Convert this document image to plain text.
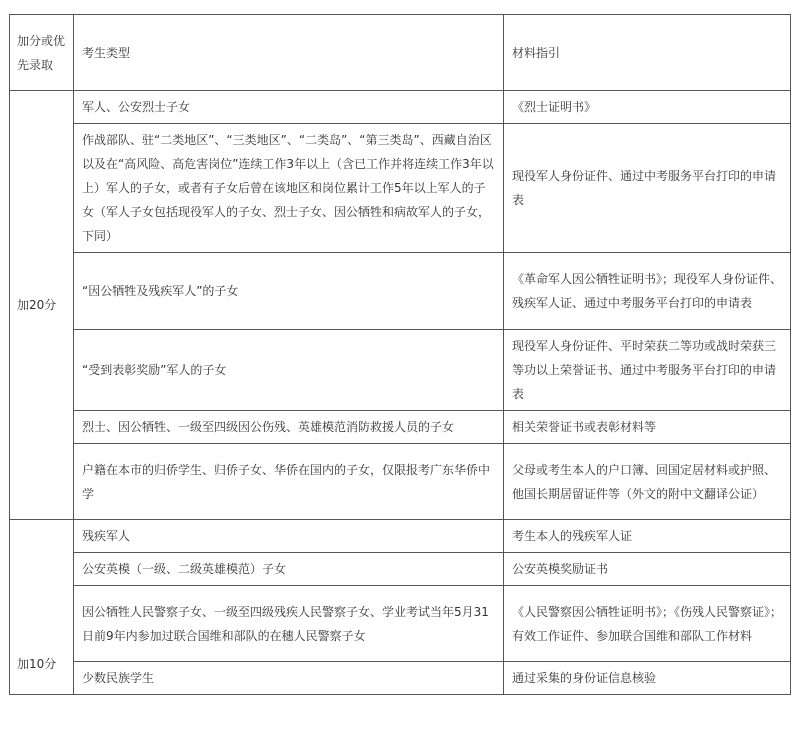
加分或优先录取	考生类型	材料指引
加20分	军人、公安烈士子女	《烈士证明书》
	作战部队、驻“二类地区”、“三类地区”、“二类岛”、“第三类岛”、西藏自治区以及在“高风险、高危害岗位”连续工作3年以上（含已工作并将连续工作3年以上）军人的子女，或者有子女后曾在该地区和岗位累计工作5年以上军人的子女（军人子女包括现役军人的子女、烈士子女、因公牺牲和病故军人的子女，下同）	现役军人身份证件、通过中考服务平台打印的申请表
	“因公牺牲及残疾军人”的子女	《革命军人因公牺牲证明书》；现役军人身份证件、残疾军人证、通过中考服务平台打印的申请表
	“受到表彰奖励”军人的子女	现役军人身份证件、平时荣获二等功或战时荣获三等功以上荣誉证书、通过中考服务平台打印的申请表
	烈士、因公牺牲、一级至四级因公伤残、英雄模范消防救援人员的子女	相关荣誉证书或表彰材料等
	户籍在本市的归侨学生、归侨子女、华侨在国内的子女，仅限报考广东华侨中学	父母或考生本人的户口簿、回国定居材料或护照、他国长期居留证件等（外文的附中文翻译公证）
加10分	残疾军人	考生本人的残疾军人证
	公安英模（一级、二级英雄模范）子女	公安英模奖励证书
	因公牺牲人民警察子女、一级至四级残疾人民警察子女、学业考试当年5月31日前9年内参加过联合国维和部队的在穗人民警察子女	《人民警察因公牺牲证明书》；《伤残人民警察证》；有效工作证件、参加联合国维和部队工作材料
	少数民族学生	通过采集的身份证信息核验
